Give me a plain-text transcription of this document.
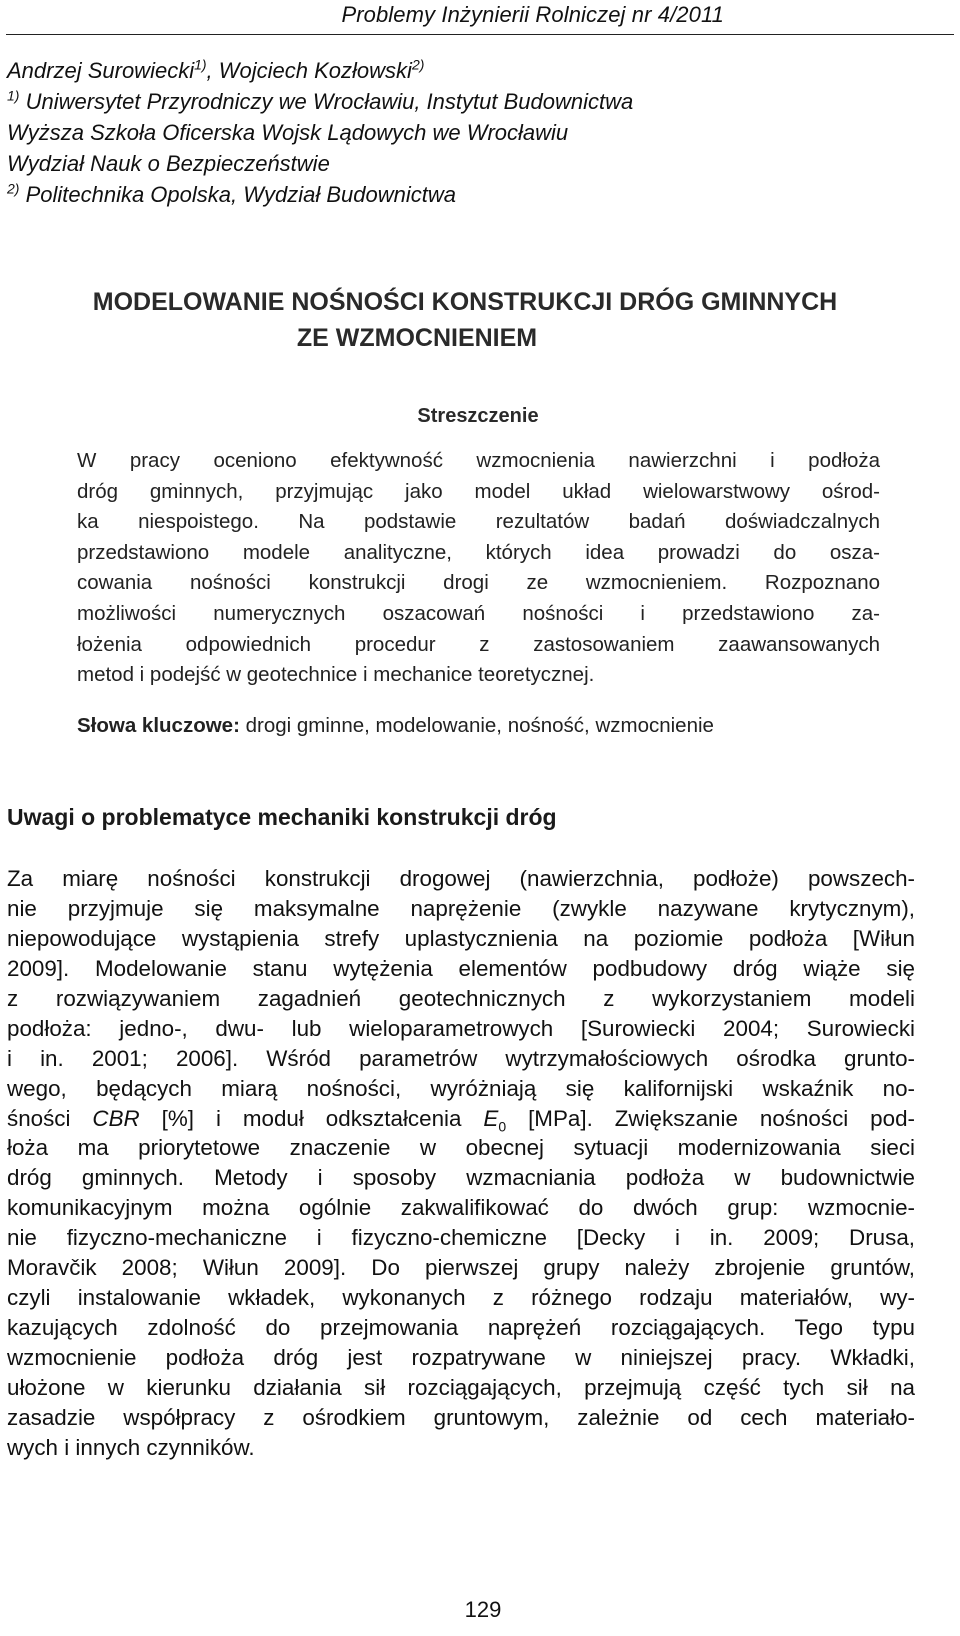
Problemy Inżynierii Rolniczej nr 4/2011
Andrzej Surowiecki$^{1)}$, Wojciech Kozłowski$^{2)}$
$^{1)}$ Uniwersytet Przyrodniczy we Wrocławiu, Instytut Budownictwa
Wyższa Szkoła Oficerska Wojsk Lądowych we Wrocławiu
Wydział Nauk o Bezpieczeństwie
$^{2)}$ Politechnika Opolska, Wydział Budownictwa
MODELOWANIE NOŚNOŚCI KONSTRUKCJI DRÓG GMINNYCH
ZE WZMOCNIENIEM
Streszczenie
W pracy oceniono efektywność wzmocnienia nawierzchni i podłoża
dróg gminnych, przyjmując jako model układ wielowarstwowy ośrod-
ka niespoistego. Na podstawie rezultatów badań doświadczalnych
przedstawiono modele analityczne, których idea prowadzi do osza-
cowania nośności konstrukcji drogi ze wzmocnieniem. Rozpoznano
możliwości numerycznych oszacowań nośności i przedstawiono za-
łożenia odpowiednich procedur z zastosowaniem zaawansowanych
metod i podejść w geotechnice i mechanice teoretycznej.
Słowa kluczowe: drogi gminne, modelowanie, nośność, wzmocnienie
Uwagi o problematyce mechaniki konstrukcji dróg
Za miarę nośności konstrukcji drogowej (nawierzchnia, podłoże) powszech-
nie przyjmuje się maksymalne naprężenie (zwykle nazywane krytycznym),
niepowodujące wystąpienia strefy uplastycznienia na poziomie podłoża [Wiłun
2009]. Modelowanie stanu wytężenia elementów podbudowy dróg wiąże się
z rozwiązywaniem zagadnień geotechnicznych z wykorzystaniem modeli
podłoża: jedno-, dwu- lub wieloparametrowych [Surowiecki 2004; Surowiecki
i in. 2001; 2006]. Wśród parametrów wytrzymałościowych ośrodka grunto-
wego, będących miarą nośności, wyróżniają się kalifornijski wskaźnik no-
śności CBR [%] i moduł odkształcenia $E_0$ [MPa]. Zwiększanie nośności pod-
łoża ma priorytetowe znaczenie w obecnej sytuacji modernizowania sieci
dróg gminnych. Metody i sposoby wzmacniania podłoża w budownictwie
komunikacyjnym można ogólnie zakwalifikować do dwóch grup: wzmocnie-
nie fizyczno-mechaniczne i fizyczno-chemiczne [Decky i in. 2009; Drusa,
Moravčik 2008; Wiłun 2009]. Do pierwszej grupy należy zbrojenie gruntów,
czyli instalowanie wkładek, wykonanych z różnego rodzaju materiałów, wy-
kazujących zdolność do przejmowania naprężeń rozciągających. Tego typu
wzmocnienie podłoża dróg jest rozpatrywane w niniejszej pracy. Wkładki,
ułożone w kierunku działania sił rozciągających, przejmują część tych sił na
zasadzie współpracy z ośrodkiem gruntowym, zależnie od cech materiało-
wych i innych czynników.
129
